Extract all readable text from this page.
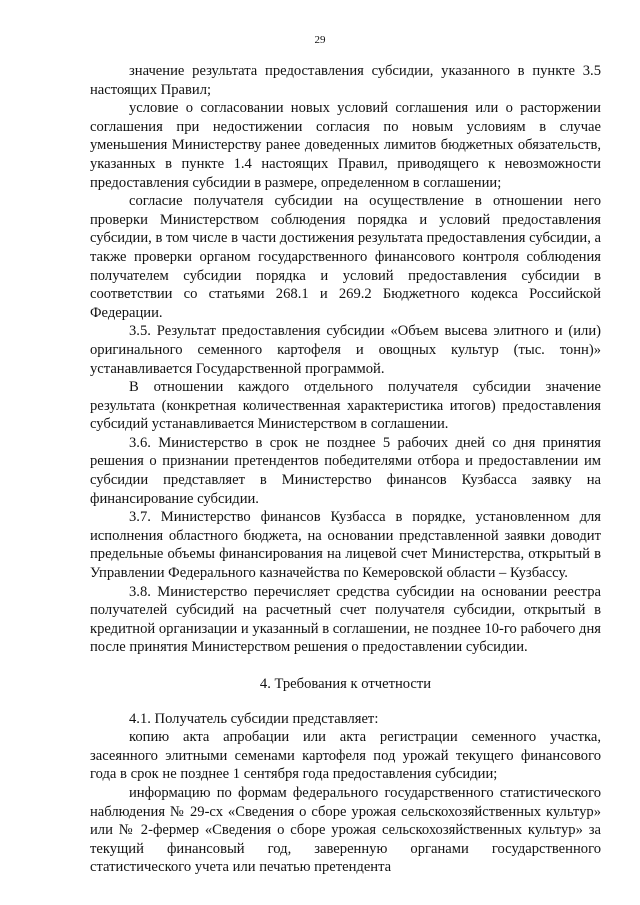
29

значение результата предоставления субсидии, указанного в пункте 3.5 настоящих Правил;

условие о согласовании новых условий соглашения или о расторжении соглашения при недостижении согласия по новым условиям в случае уменьшения Министерству ранее доведенных лимитов бюджетных обязательств, указанных в пункте 1.4 настоящих Правил, приводящего к невозможности предоставления субсидии в размере, определенном в соглашении;

согласие получателя субсидии на осуществление в отношении него проверки Министерством соблюдения порядка и условий предоставления субсидии, в том числе в части достижения результата предоставления субсидии, а также проверки органом государственного финансового контроля соблюдения получателем субсидии порядка и условий предоставления субсидии в соответствии со статьями 268.1 и 269.2 Бюджетного кодекса Российской Федерации.

3.5. Результат предоставления субсидии «Объем высева элитного и (или) оригинального семенного картофеля и овощных культур (тыс. тонн)» устанавливается Государственной программой.

В отношении каждого отдельного получателя субсидии значение результата (конкретная количественная характеристика итогов) предоставления субсидий устанавливается Министерством в соглашении.

3.6. Министерство в срок не позднее 5 рабочих дней со дня принятия решения о признании претендентов победителями отбора и предоставлении им субсидии представляет в Министерство финансов Кузбасса заявку на финансирование субсидии.

3.7. Министерство финансов Кузбасса в порядке, установленном для исполнения областного бюджета, на основании представленной заявки доводит предельные объемы финансирования на лицевой счет Министерства, открытый в Управлении Федерального казначейства по Кемеровской области – Кузбассу.

3.8. Министерство перечисляет средства субсидии на основании реестра получателей субсидий на расчетный счет получателя субсидии, открытый в кредитной организации и указанный в соглашении, не позднее 10-го рабочего дня после принятия Министерством решения о предоставлении субсидии.

4. Требования к отчетности

4.1. Получатель субсидии представляет:

копию акта апробации или акта регистрации семенного участка, засеянного элитными семенами картофеля под урожай текущего финансового года в срок не позднее 1 сентября года предоставления субсидии;

информацию по формам федерального государственного статистического наблюдения № 29-сх «Сведения о сборе урожая сельскохозяйственных культур» или № 2-фермер «Сведения о сборе урожая сельскохозяйственных культур» за текущий финансовый год, заверенную органами государственного статистического учета или печатью претендента
